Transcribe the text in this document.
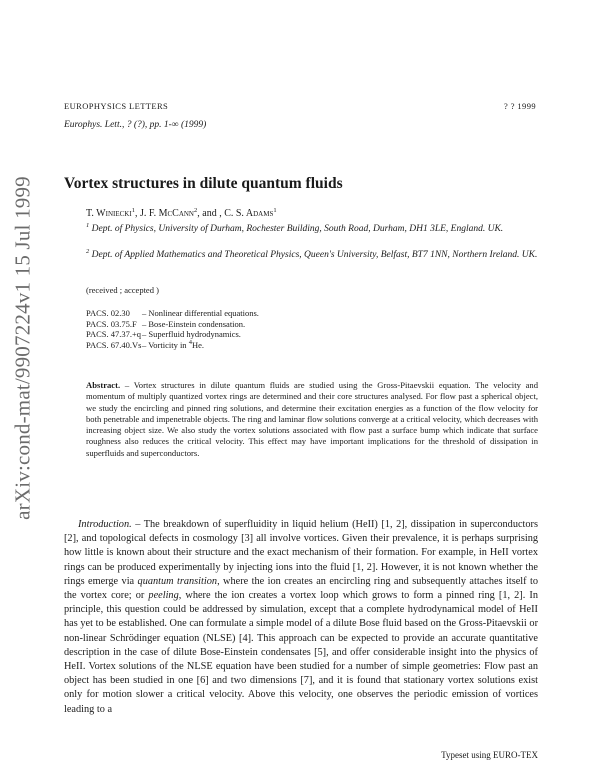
arXiv:cond-mat/9907224v1 15 Jul 1999
EUROPHYSICS LETTERS	? ? 1999
Europhys. Lett., ? (?), pp. 1-∞ (1999)
Vortex structures in dilute quantum fluids
T. Winiecki$^1$, J. F. McCann$^2$, and , C. S. Adams$^1$
$^1$ Dept. of Physics, University of Durham, Rochester Building, South Road, Durham, DH1 3LE, England. UK.
$^2$ Dept. of Applied Mathematics and Theoretical Physics, Queen's University, Belfast, BT7 1NN, Northern Ireland. UK.
(received ; accepted )
PACS. 02.30	– Nonlinear differential equations.
PACS. 03.75.F – Bose-Einstein condensation.
PACS. 47.37.+q – Superfluid hydrodynamics.
PACS. 67.40.Vs – Vorticity in $^4$He.
Abstract. – Vortex structures in dilute quantum fluids are studied using the Gross-Pitaevskii equation. The velocity and momentum of multiply quantized vortex rings are determined and their core structures analysed. For flow past a spherical object, we study the encircling and pinned ring solutions, and determine their excitation energies as a function of the flow velocity for both penetrable and impenetrable objects. The ring and laminar flow solutions converge at a critical velocity, which decreases with increasing object size. We also study the vortex solutions associated with flow past a surface bump which indicate that surface roughness also reduces the critical velocity. This effect may have important implications for the threshold of dissipation in superfluids and superconductors.

Introduction. – The breakdown of superfluidity in liquid helium (HeII) [1, 2], dissipation in superconductors [2], and topological defects in cosmology [3] all involve vortices. Given their prevalence, it is perhaps surprising how little is known about their structure and the exact mechanism of their formation. For example, in HeII vortex rings can be produced experimentally by injecting ions into the fluid [1, 2]. However, it is not known whether the rings emerge via quantum transition, where the ion creates an encircling ring and subsequently attaches itself to the vortex core; or peeling, where the ion creates a vortex loop which grows to form a pinned ring [1, 2]. In principle, this question could be addressed by simulation, except that a complete hydrodynamical model of HeII has yet to be established. One can formulate a simple model of a dilute Bose fluid based on the Gross-Pitaevskii or non-linear Schrödinger equation (NLSE) [4]. This approach can be expected to provide an accurate quantitative description in the case of dilute Bose-Einstein condensates [5], and offer considerable insight into the physics of HeII. Vortex solutions of the NLSE equation have been studied for a number of simple geometries: Flow past an object has been studied in one [6] and two dimensions [7], and it is found that stationary vortex solutions exist only for motion slower a critical velocity. Above this velocity, one observes the periodic emission of vortices leading to a

Typeset using EURO-TEX
